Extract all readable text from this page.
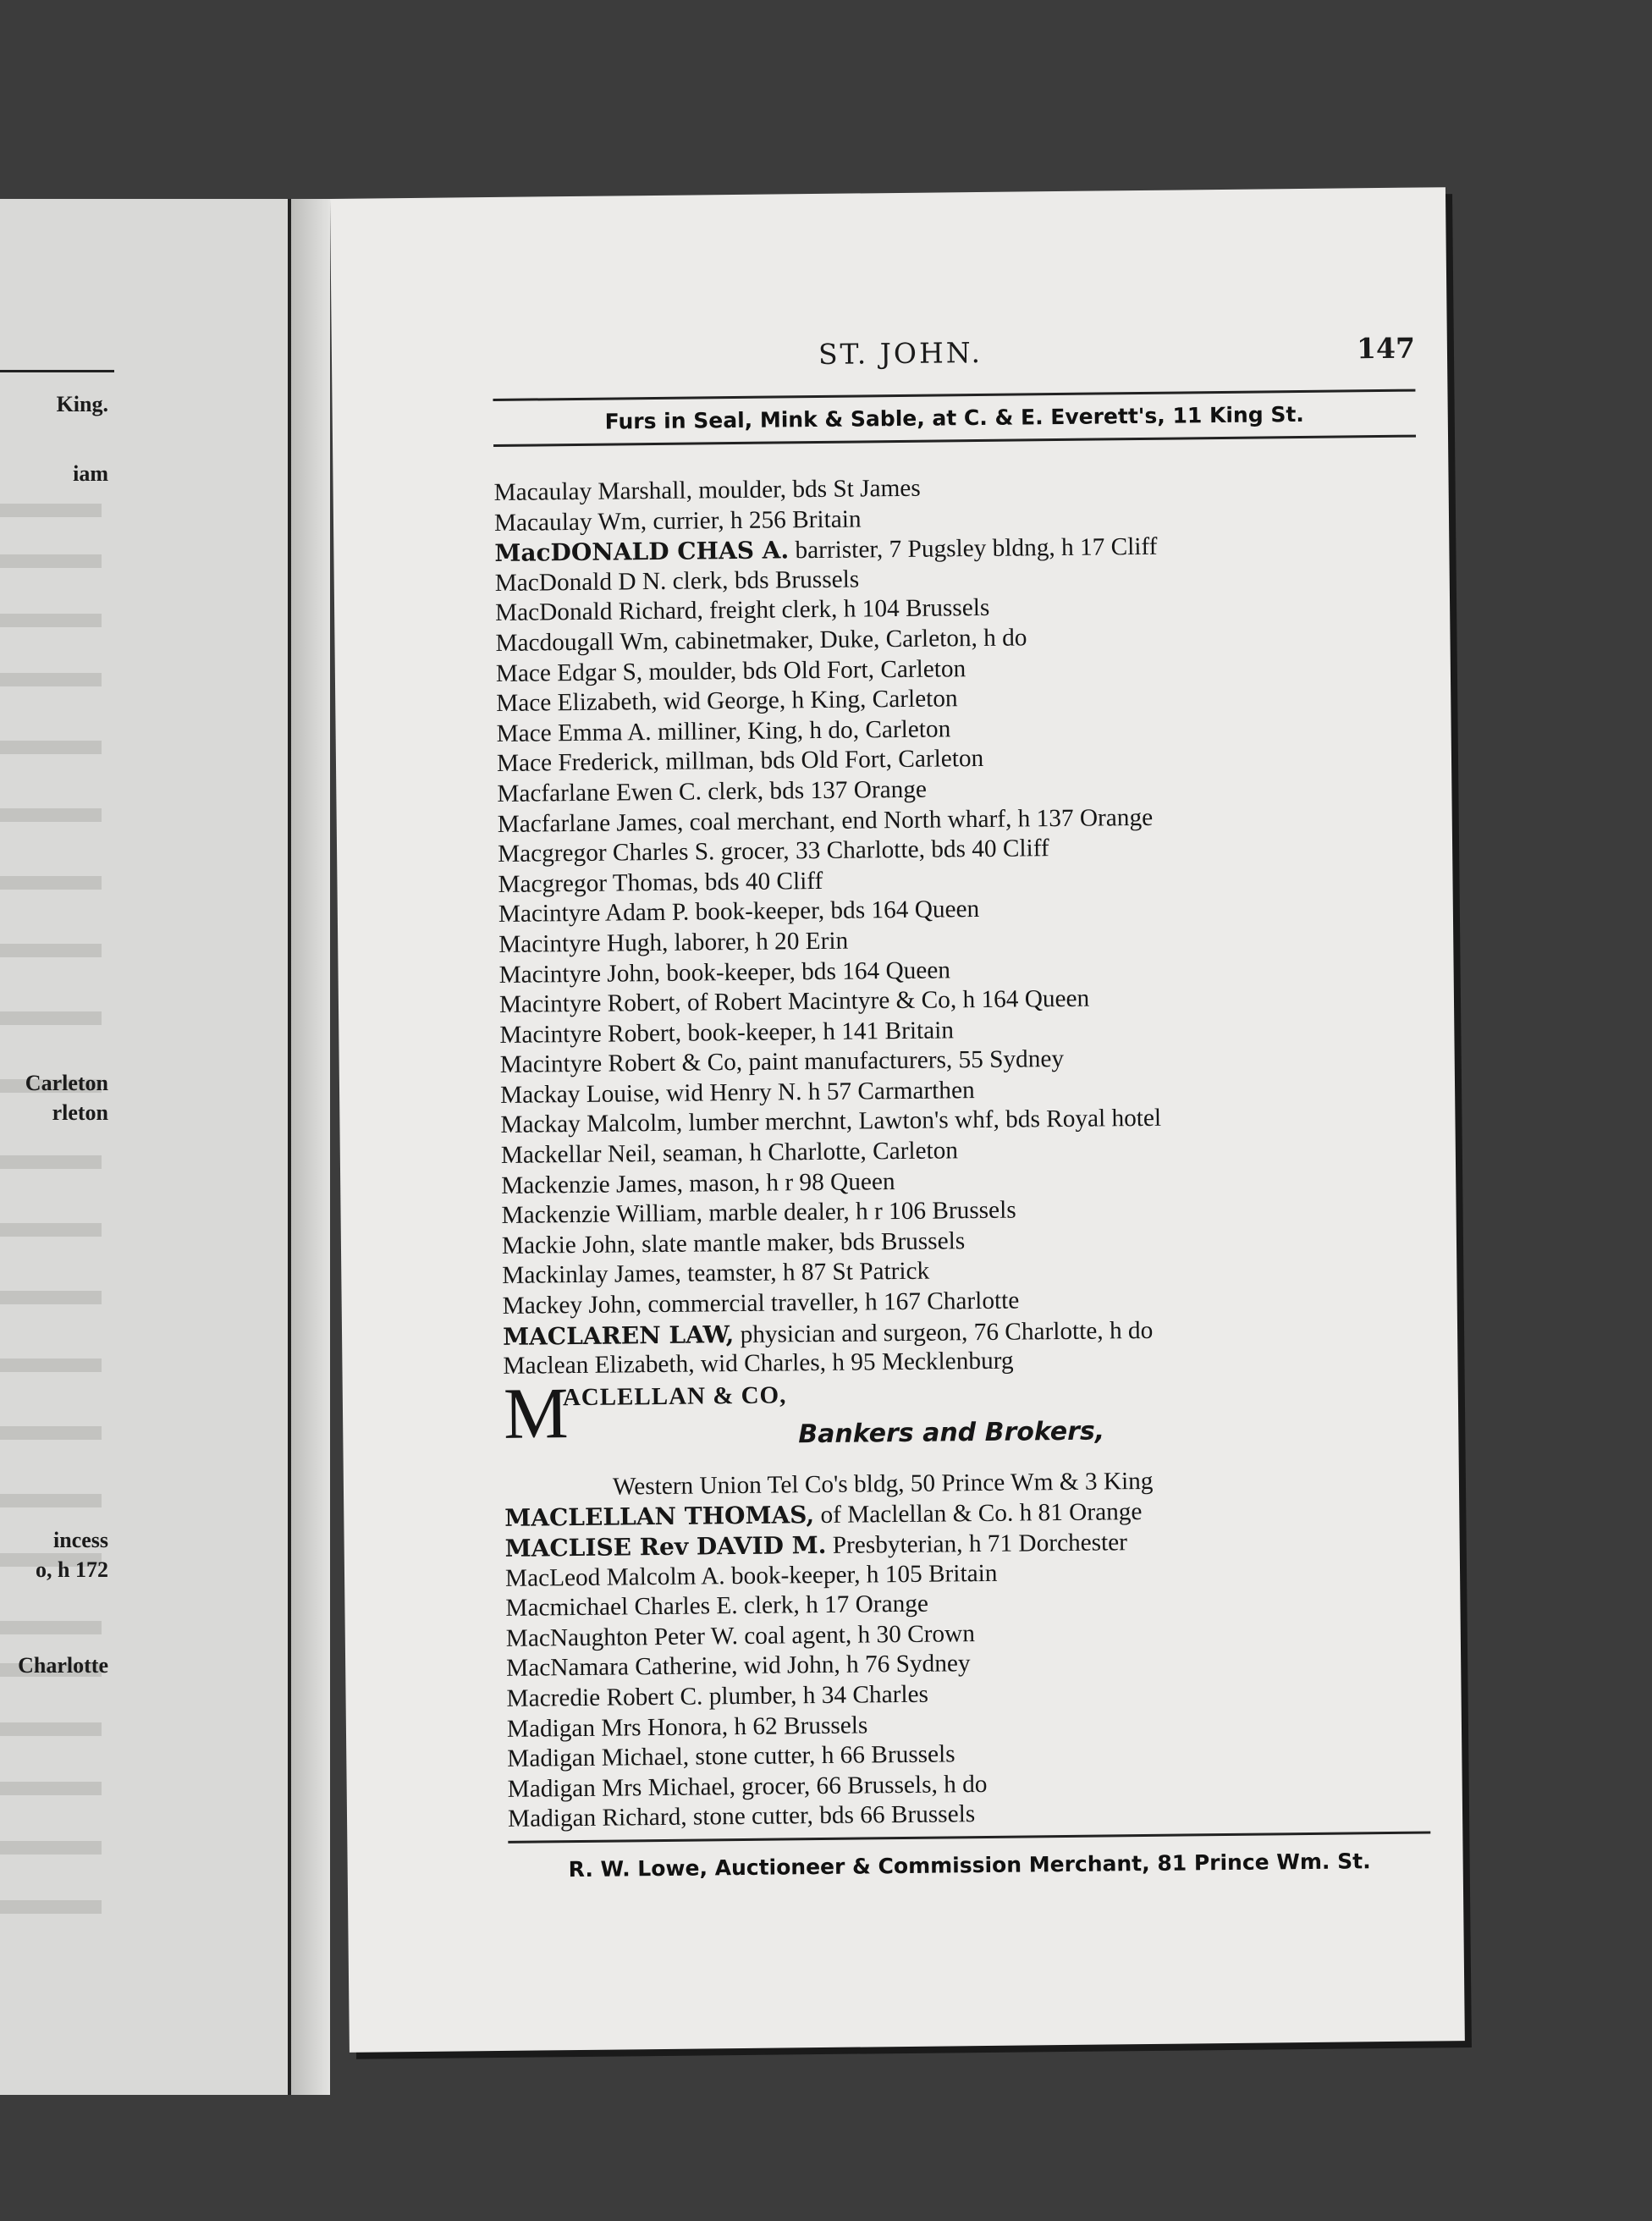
King.
iam
Carleton
rleton
incess
o, h 172
Charlotte
ST. JOHN.	147
Furs in Seal, Mink & Sable, at C. & E. Everett's, 11 King St.
Macaulay Marshall, moulder, bds St James
Macaulay Wm, currier, h 256 Britain
MacDONALD CHAS A. barrister, 7 Pugsley bldng, h 17 Cliff
MacDonald D N. clerk, bds Brussels
MacDonald Richard, freight clerk, h 104 Brussels
Macdougall Wm, cabinetmaker, Duke, Carleton, h do
Mace Edgar S, moulder, bds Old Fort, Carleton
Mace Elizabeth, wid George, h King, Carleton
Mace Emma A. milliner, King, h do, Carleton
Mace Frederick, millman, bds Old Fort, Carleton
Macfarlane Ewen C. clerk, bds 137 Orange
Macfarlane James, coal merchant, end North wharf, h 137 Orange
Macgregor Charles S. grocer, 33 Charlotte, bds 40 Cliff
Macgregor Thomas, bds 40 Cliff
Macintyre Adam P. book-keeper, bds 164 Queen
Macintyre Hugh, laborer, h 20 Erin
Macintyre John, book-keeper, bds 164 Queen
Macintyre Robert, of Robert Macintyre & Co, h 164 Queen
Macintyre Robert, book-keeper, h 141 Britain
Macintyre Robert & Co, paint manufacturers, 55 Sydney
Mackay Louise, wid Henry N. h 57 Carmarthen
Mackay Malcolm, lumber merchnt, Lawton's whf, bds Royal hotel
Mackellar Neil, seaman, h Charlotte, Carleton
Mackenzie James, mason, h r 98 Queen
Mackenzie William, marble dealer, h r 106 Brussels
Mackie John, slate mantle maker, bds Brussels
Mackinlay James, teamster, h 87 St Patrick
Mackey John, commercial traveller, h 167 Charlotte
MACLAREN LAW, physician and surgeon, 76 Charlotte, h do
Maclean Elizabeth, wid Charles, h 95 Mecklenburg
M
ACLELLAN & CO,
Bankers and Brokers,
Western Union Tel Co's bldg, 50 Prince Wm & 3 King
MACLELLAN THOMAS, of Maclellan & Co. h 81 Orange
MACLISE Rev DAVID M. Presbyterian, h 71 Dorchester
MacLeod Malcolm A. book-keeper, h 105 Britain
Macmichael Charles E. clerk, h 17 Orange
MacNaughton Peter W. coal agent, h 30 Crown
MacNamara Catherine, wid John, h 76 Sydney
Macredie Robert C. plumber, h 34 Charles
Madigan Mrs Honora, h 62 Brussels
Madigan Michael, stone cutter, h 66 Brussels
Madigan Mrs Michael, grocer, 66 Brussels, h do
Madigan Richard, stone cutter, bds 66 Brussels
R. W. Lowe, Auctioneer & Commission Merchant, 81 Prince Wm. St.
